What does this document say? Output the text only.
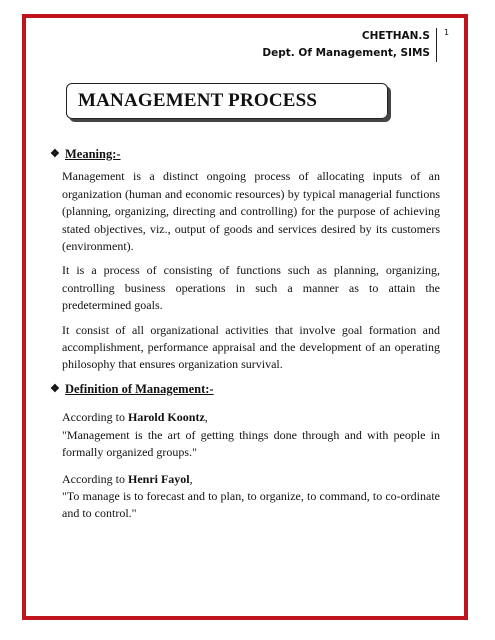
CHETHAN.S
Dept. Of Management, SIMS
1
MANAGEMENT PROCESS
❖ Meaning:-

Management is a distinct ongoing process of allocating inputs of an organization (human and economic resources) by typical managerial functions (planning, organizing, directing and controlling) for the purpose of achieving stated objectives, viz., output of goods and services desired by its customers (environment).

It is a process of consisting of functions such as planning, organizing, controlling business operations in such a manner as to attain the predetermined goals.

It consist of all organizational activities that involve goal formation and accomplishment, performance appraisal and the development of an operating philosophy that ensures organization survival.

❖ Definition of Management:-

According to Harold Koontz,

"Management is the art of getting things done through and with people in formally organized groups."

According to Henri Fayol,

"To manage is to forecast and to plan, to organize, to command, to co-ordinate and to control."
